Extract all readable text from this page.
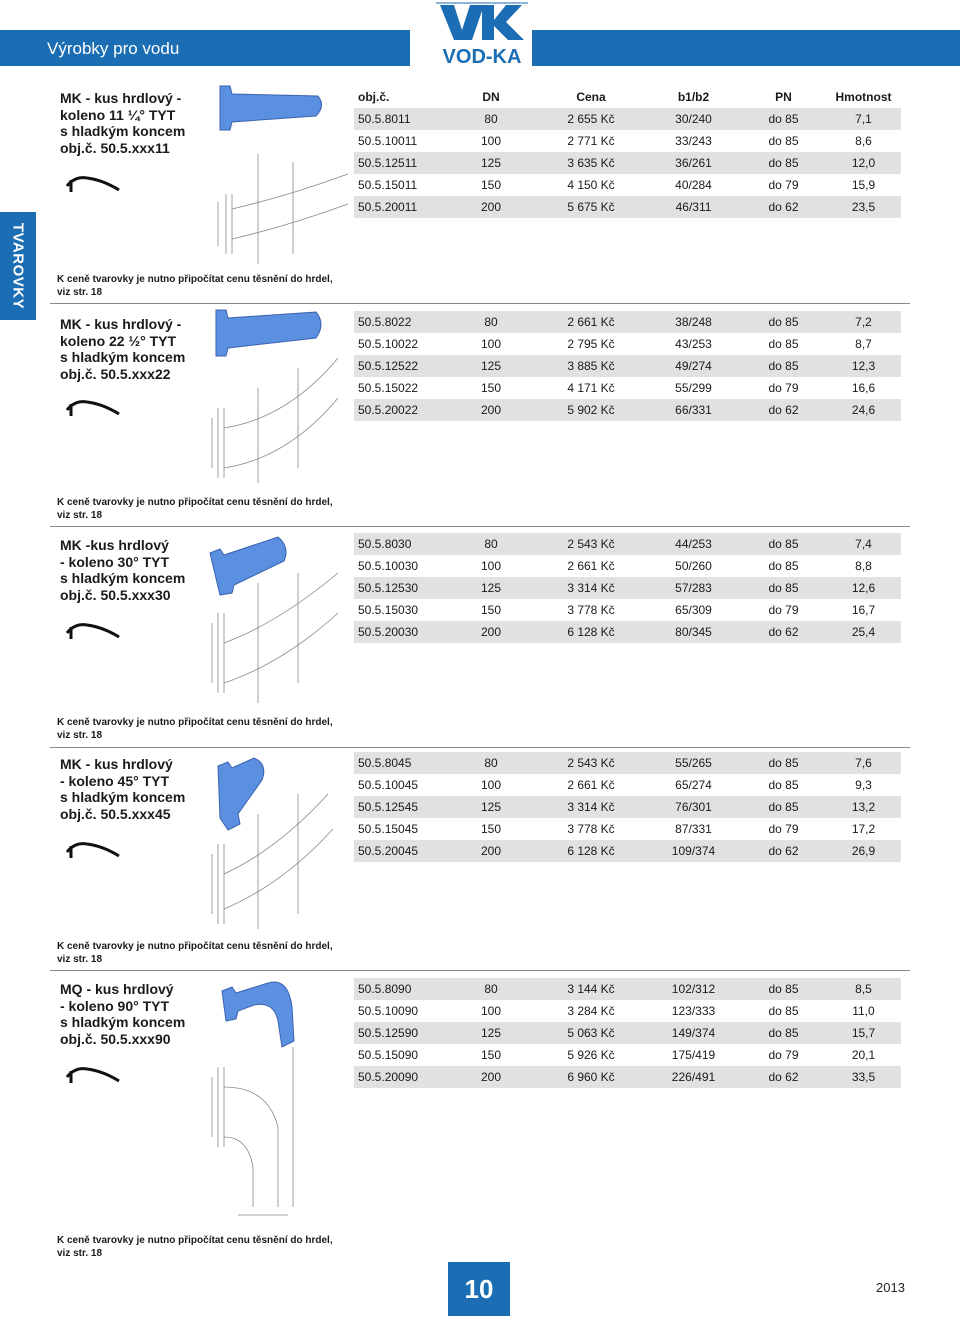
Výrobky pro vodu	VOD-KA
TVAROVKY
MK - kus hrdlový -
koleno 11 ¼° TYT
s hladkým koncem
obj.č. 50.5.xxx11
K ceně tvarovky je nutno připočítat cenu těsnění do hrdel,
viz str. 18
obj.č.	DN	Cena	b1/b2	PN	Hmotnost
50.5.8011	80	2 655 Kč	30/240	do 85	7,1
50.5.10011	100	2 771 Kč	33/243	do 85	8,6
50.5.12511	125	3 635 Kč	36/261	do 85	12,0
50.5.15011	150	4 150 Kč	40/284	do 79	15,9
50.5.20011	200	5 675 Kč	46/311	do 62	23,5
MK - kus hrdlový -
koleno 22 ½° TYT
s hladkým koncem
obj.č. 50.5.xxx22
K ceně tvarovky je nutno připočítat cenu těsnění do hrdel,
viz str. 18
50.5.8022	80	2 661 Kč	38/248	do 85	7,2
50.5.10022	100	2 795 Kč	43/253	do 85	8,7
50.5.12522	125	3 885 Kč	49/274	do 85	12,3
50.5.15022	150	4 171 Kč	55/299	do 79	16,6
50.5.20022	200	5 902 Kč	66/331	do 62	24,6
MK -kus hrdlový
- koleno 30° TYT
s hladkým koncem
obj.č. 50.5.xxx30
K ceně tvarovky je nutno připočítat cenu těsnění do hrdel,
viz str. 18
50.5.8030	80	2 543 Kč	44/253	do 85	7,4
50.5.10030	100	2 661 Kč	50/260	do 85	8,8
50.5.12530	125	3 314 Kč	57/283	do 85	12,6
50.5.15030	150	3 778 Kč	65/309	do 79	16,7
50.5.20030	200	6 128 Kč	80/345	do 62	25,4
MK - kus hrdlový
- koleno 45° TYT
s hladkým koncem
obj.č. 50.5.xxx45
K ceně tvarovky je nutno připočítat cenu těsnění do hrdel,
viz str. 18
50.5.8045	80	2 543 Kč	55/265	do 85	7,6
50.5.10045	100	2 661 Kč	65/274	do 85	9,3
50.5.12545	125	3 314 Kč	76/301	do 85	13,2
50.5.15045	150	3 778 Kč	87/331	do 79	17,2
50.5.20045	200	6 128 Kč	109/374	do 62	26,9
MQ - kus hrdlový
- koleno 90° TYT
s hladkým koncem
obj.č. 50.5.xxx90
K ceně tvarovky je nutno připočítat cenu těsnění do hrdel,
viz str. 18
50.5.8090	80	3 144 Kč	102/312	do 85	8,5
50.5.10090	100	3 284 Kč	123/333	do 85	11,0
50.5.12590	125	5 063 Kč	149/374	do 85	15,7
50.5.15090	150	5 926 Kč	175/419	do 79	20,1
50.5.20090	200	6 960 Kč	226/491	do 62	33,5
10	2013
